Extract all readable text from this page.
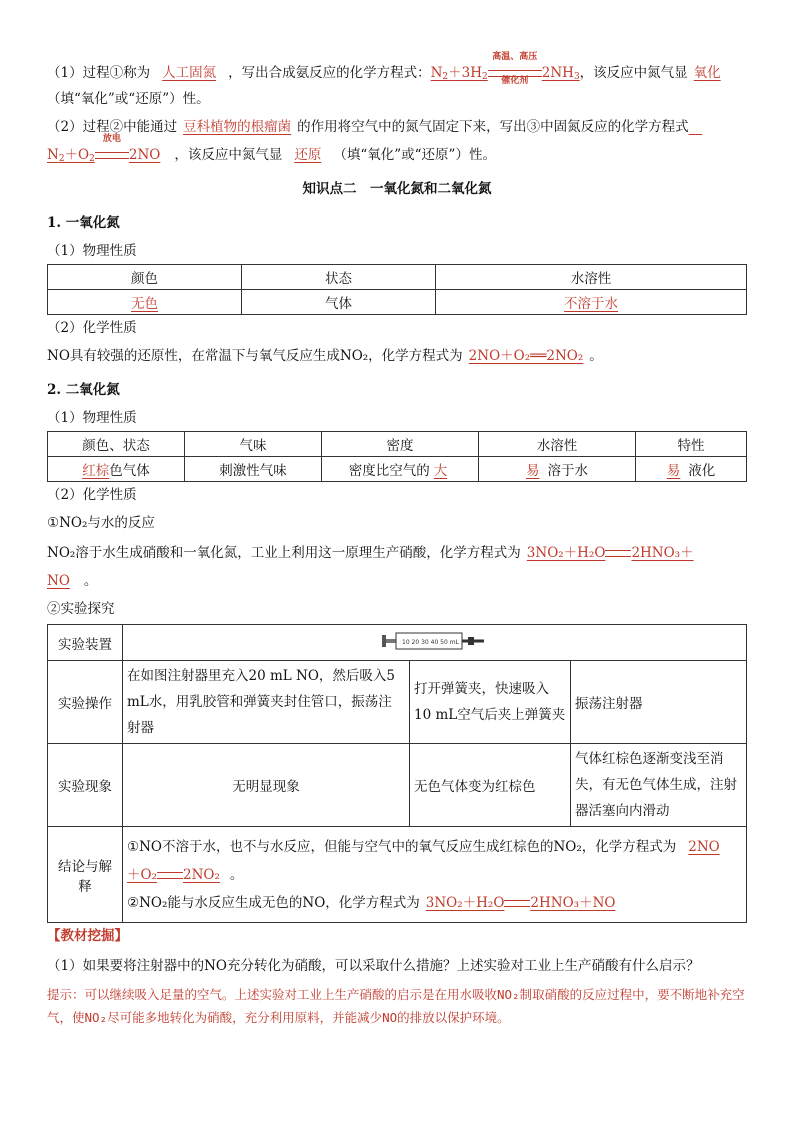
（1）过程①称为 人工固氮 ，写出合成氨反应的化学方程式：$N_2+3H_2$
高温、高压
催化剂	$2NH_3$，该反应中氮气显 氧化
（填“氧化”或“还原”）性。
（2）过程②中能通过 豆科植物的根瘤菌 的作用将空气中的氮气固定下来，写出③中固氮反应的化学方程式　
$N_2+O_2$
放电
2NO ，该反应中氮气显 还原 （填“氧化”或“还原”）性。
知识点二　一氧化氮和二氧化氮
1. 一氧化氮
（1）物理性质
颜色	状态	水溶性
无色	气体	不溶于水
（2）化学性质
NO具有较强的还原性，在常温下与氧气反应生成NO₂，化学方程式为 2NO＋O₂══2NO₂ 。
2. 二氧化氮
（1）物理性质
颜色、状态	气味	密度	水溶性	特性
红棕色气体	刺激性气味	密度比空气的 大	易 溶于水	易 液化
（2）化学性质
①NO₂与水的反应
NO₂溶于水生成硝酸和一氧化氮，工业上利用这一原理生产硝酸，化学方程式为 3NO₂＋H₂O 2HNO₃＋
NO 。
②实验探究
实验装置	10 20 30 40 50 mL		

实验操作	在如图注射器里充入20 mL NO，然后吸入5 mL水，用乳胶管和弹簧夹封住管口，振荡注射器	打开弹簧夹，快速吸入10 mL空气后夹上弹簧夹	振荡注射器
实验现象	无明显现象	无色气体变为红棕色	气体红棕色逐渐变浅至消失，有无色气体生成，注射器活塞向内滑动
结论与解释	①NO不溶于水，也不与水反应，但能与空气中的氧气反应生成红棕色的NO₂，化学方程式为 2NO
＋O₂ 2NO₂ 。
②NO₂能与水反应生成无色的NO，化学方程式为 3NO₂＋H₂O 2HNO₃＋NO		
【教材挖掘】
（1）如果要将注射器中的NO充分转化为硝酸，可以采取什么措施？上述实验对工业上生产硝酸有什么启示？
提示：可以继续吸入足量的空气。上述实验对工业上生产硝酸的启示是在用水吸收NO₂制取硝酸的反应过程中，要不断地补充空气，使NO₂尽可能多地转化为硝酸，充分利用原料，并能减少NO的排放以保护环境。
